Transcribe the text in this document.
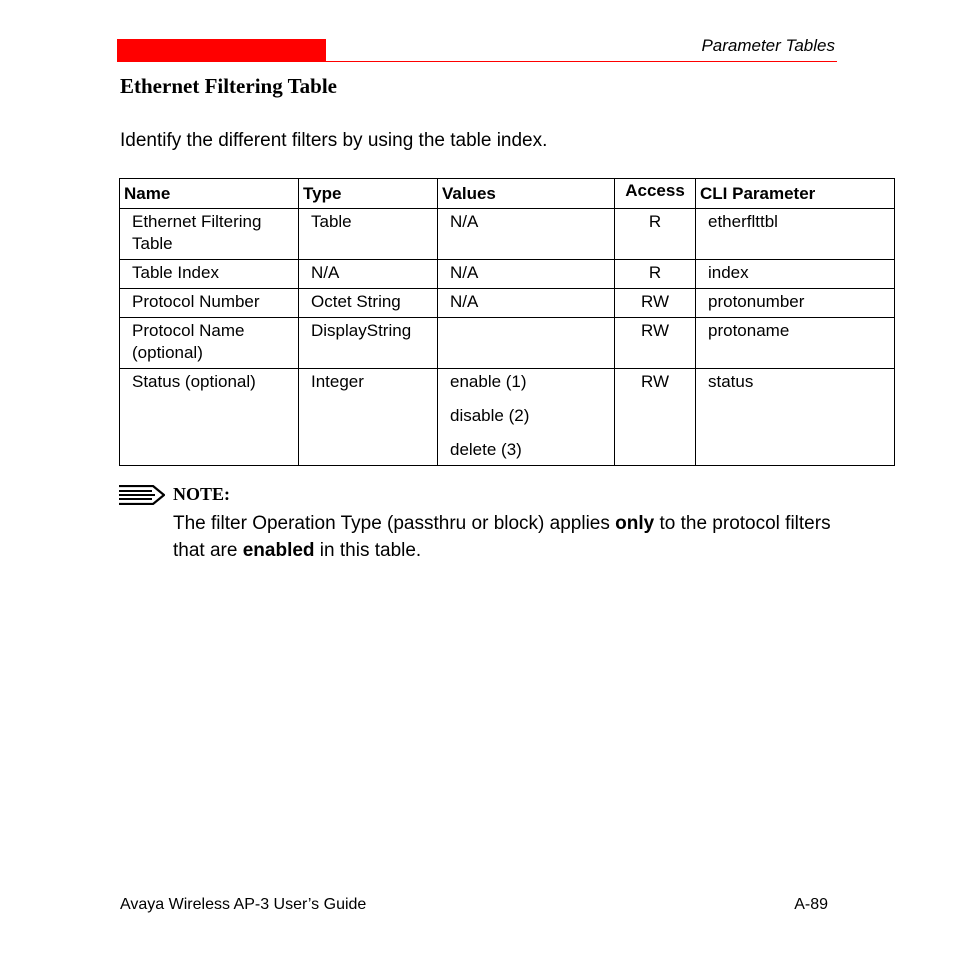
Parameter Tables
Ethernet Filtering Table

Identify the different filters by using the table index.

Name	Type	Values	Access	CLI Parameter
Ethernet Filtering Table	Table	N/A	R	etherflttbl
Table Index	N/A	N/A	R	index
Protocol Number	Octet String	N/A	RW	protonumber
Protocol Name (optional)	DisplayString		RW	protoname
Status (optional)	Integer	enable (1)
disable (2)
delete (3)	RW	status
NOTE:

The filter Operation Type (passthru or block) applies only to the protocol filters that are enabled in this table.

Avaya Wireless AP-3 User’s Guide	A-89
